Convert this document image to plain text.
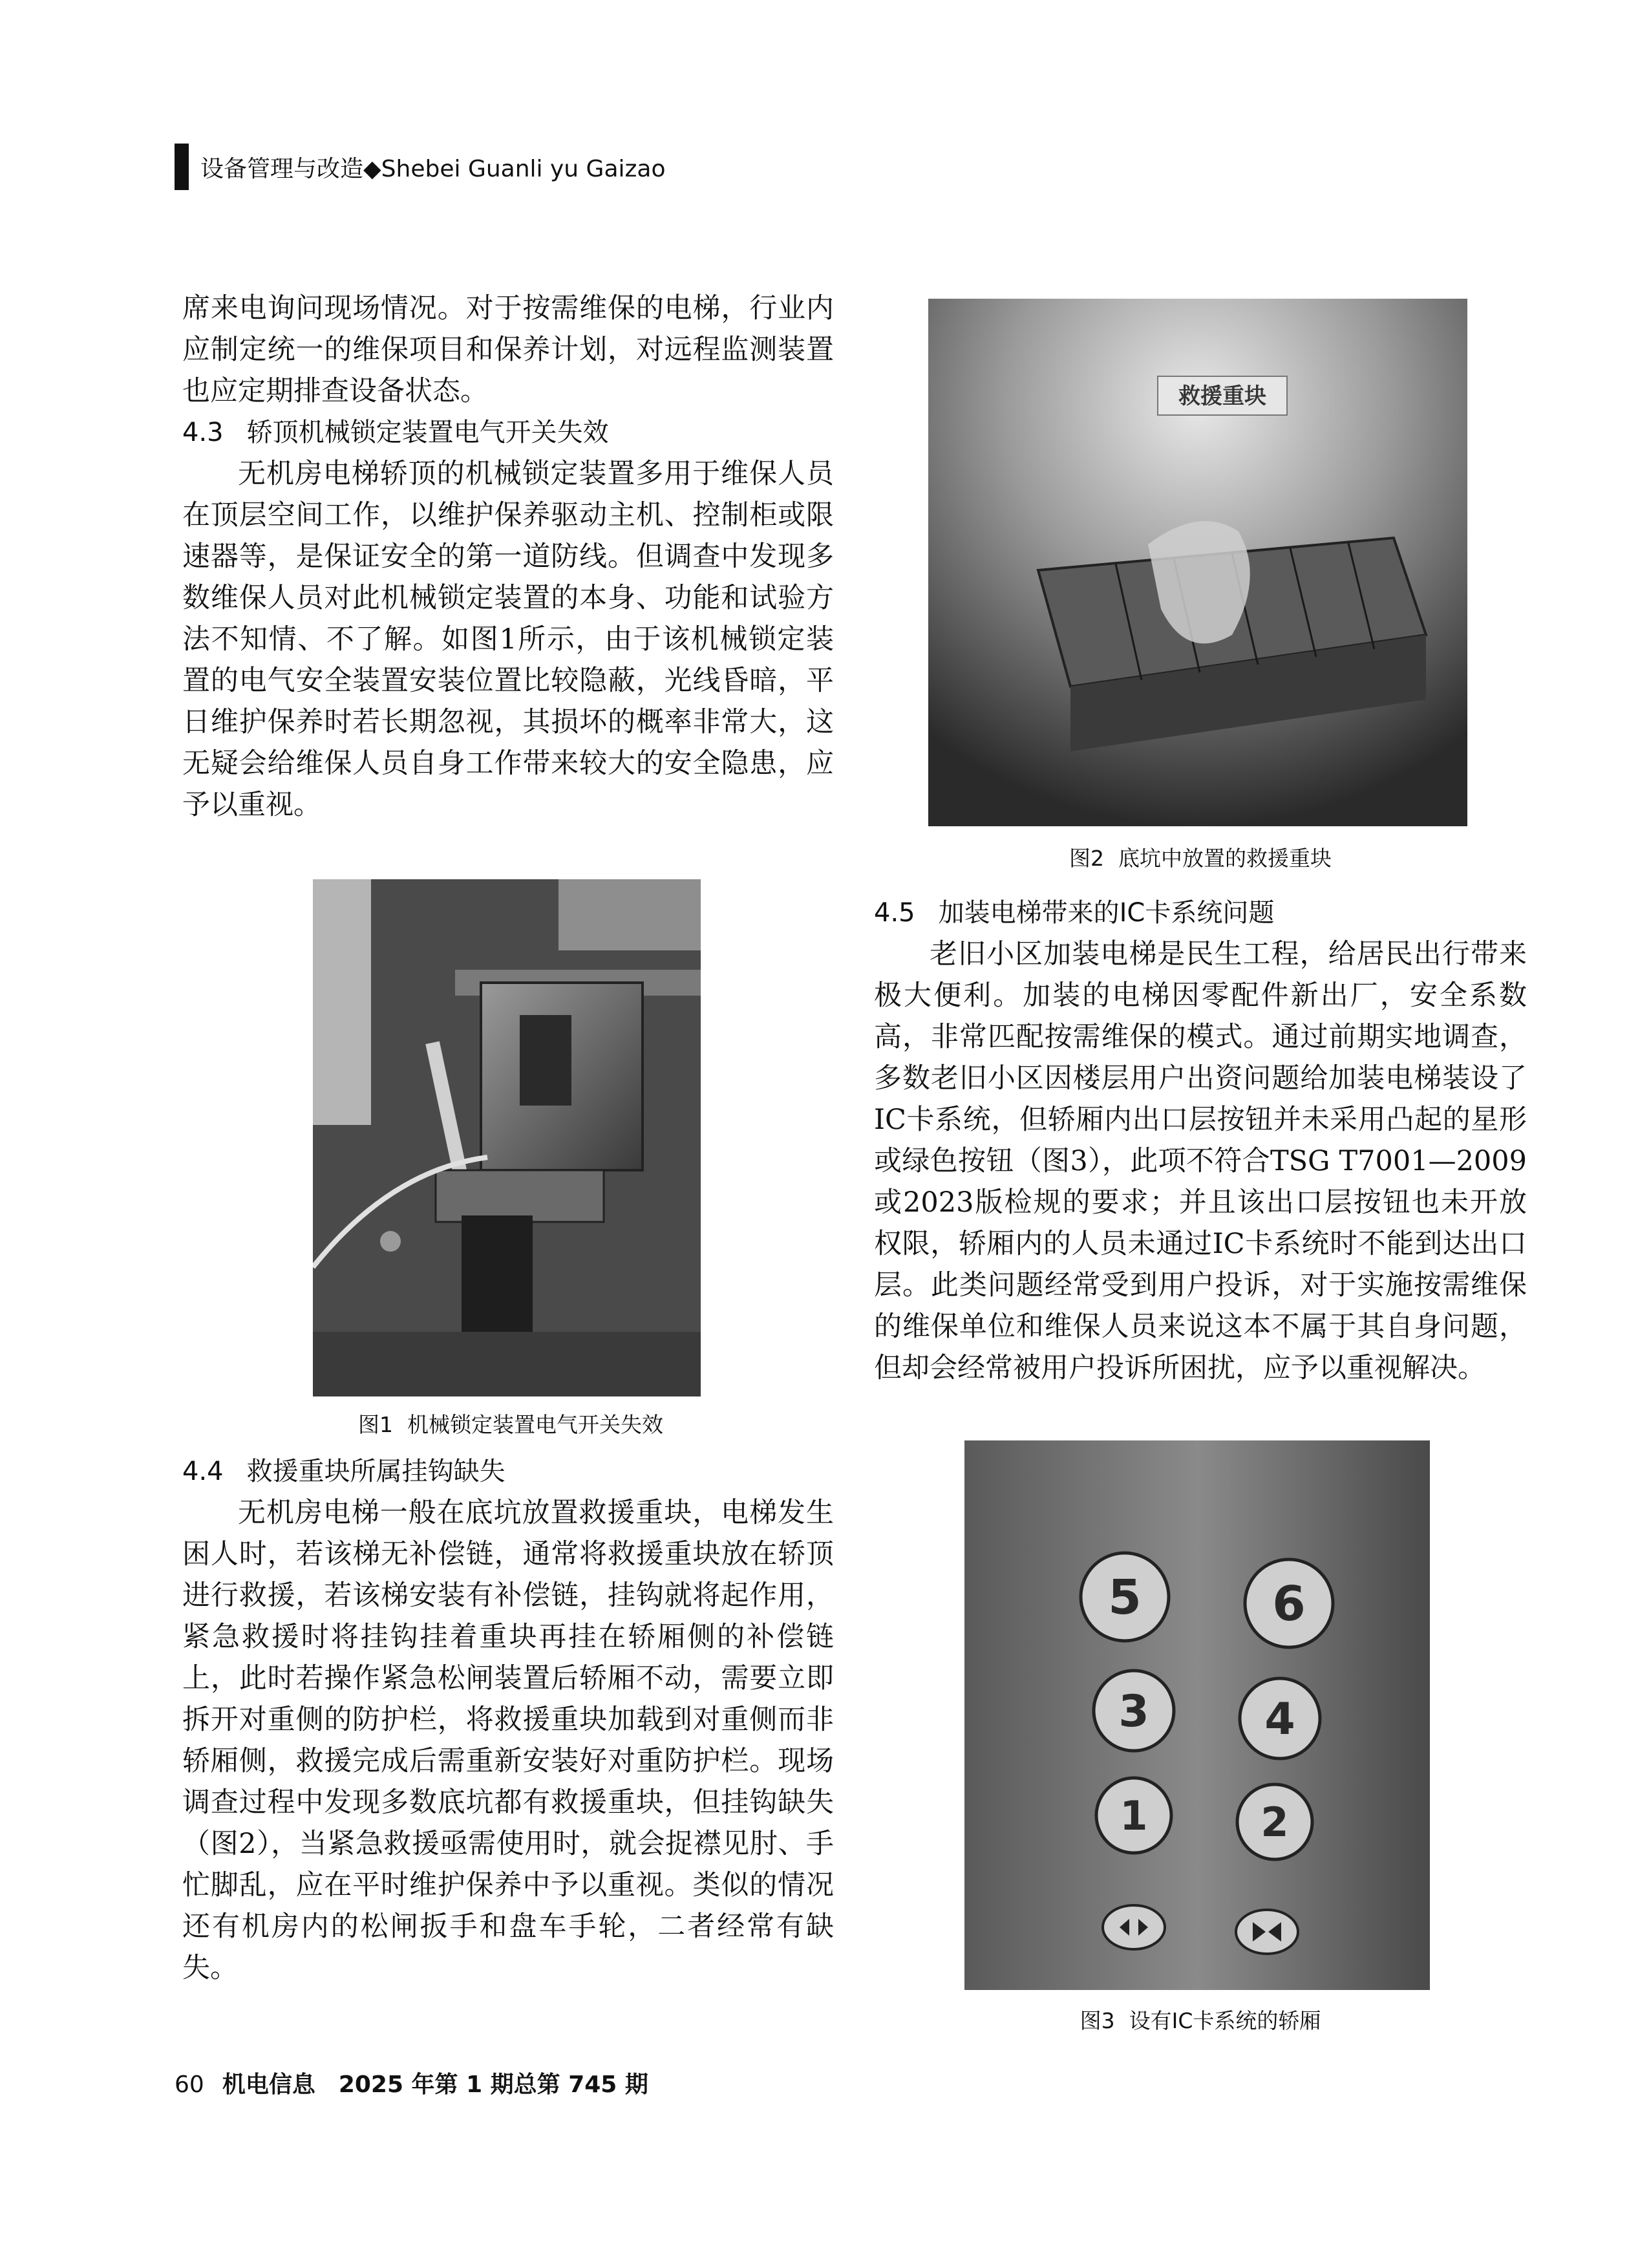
设备管理与改造◆Shebei Guanli yu Gaizao

席来电询问现场情况。对于按需维保的电梯，行业内应制定统一的维保项目和保养计划，对远程监测装置也应定期排查设备状态。

4.3 轿顶机械锁定装置电气开关失效

无机房电梯轿顶的机械锁定装置多用于维保人员在顶层空间工作，以维护保养驱动主机、控制柜或限速器等，是保证安全的第一道防线。但调查中发现多数维保人员对此机械锁定装置的本身、功能和试验方法不知情、不了解。如图1所示，由于该机械锁定装置的电气安全装置安装位置比较隐蔽，光线昏暗，平日维护保养时若长期忽视，其损坏的概率非常大，这无疑会给维保人员自身工作带来较大的安全隐患，应予以重视。

图1 机械锁定装置电气开关失效

4.4 救援重块所属挂钩缺失

无机房电梯一般在底坑放置救援重块，电梯发生困人时，若该梯无补偿链，通常将救援重块放在轿顶进行救援，若该梯安装有补偿链，挂钩就将起作用，紧急救援时将挂钩挂着重块再挂在轿厢侧的补偿链上，此时若操作紧急松闸装置后轿厢不动，需要立即拆开对重侧的防护栏，将救援重块加载到对重侧而非轿厢侧，救援完成后需重新安装好对重防护栏。现场调查过程中发现多数底坑都有救援重块，但挂钩缺失（图2），当紧急救援亟需使用时，就会捉襟见肘、手忙脚乱，应在平时维护保养中予以重视。类似的情况还有机房内的松闸扳手和盘车手轮，二者经常有缺失。

救援重块
图2 底坑中放置的救援重块

4.5 加装电梯带来的IC卡系统问题

老旧小区加装电梯是民生工程，给居民出行带来极大便利。加装的电梯因零配件新出厂，安全系数高，非常匹配按需维保的模式。通过前期实地调查，多数老旧小区因楼层用户出资问题给加装电梯装设了IC卡系统，但轿厢内出口层按钮并未采用凸起的星形或绿色按钮（图3），此项不符合TSG T7001—2009或2023版检规的要求；并且该出口层按钮也未开放权限，轿厢内的人员未通过IC卡系统时不能到达出口层。此类问题经常受到用户投诉，对于实施按需维保的维保单位和维保人员来说这本不属于其自身问题，但却会经常被用户投诉所困扰，应予以重视解决。

5	6
3	4
1	2
图3 设有IC卡系统的轿厢
60 机电信息　2025 年第 1 期总第 745 期
